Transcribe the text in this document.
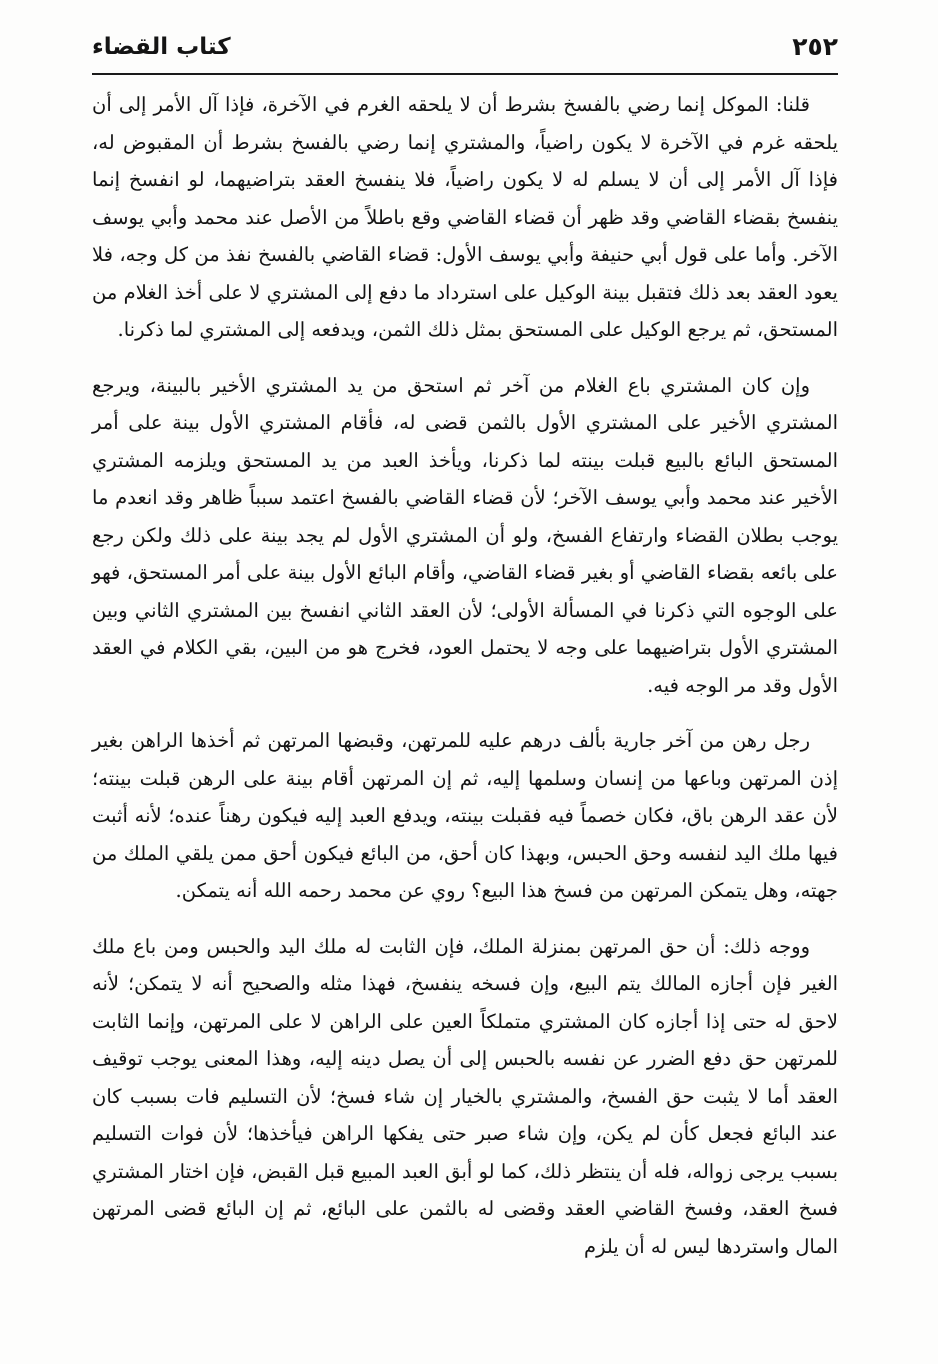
٢٥٢
كتاب القضاء

قلنا: الموكل إنما رضي بالفسخ بشرط أن لا يلحقه الغرم في الآخرة، فإذا آل الأمر إلى أن يلحقه غرم في الآخرة لا يكون راضياً، والمشتري إنما رضي بالفسخ بشرط أن المقبوض له، فإذا آل الأمر إلى أن لا يسلم له لا يكون راضياً، فلا ينفسخ العقد بتراضيهما، لو انفسخ إنما ينفسخ بقضاء القاضي وقد ظهر أن قضاء القاضي وقع باطلاً من الأصل عند محمد وأبي يوسف الآخر. وأما على قول أبي حنيفة وأبي يوسف الأول: قضاء القاضي بالفسخ نفذ من كل وجه، فلا يعود العقد بعد ذلك فتقبل بينة الوكيل على استرداد ما دفع إلى المشتري لا على أخذ الغلام من المستحق، ثم يرجع الوكيل على المستحق بمثل ذلك الثمن، ويدفعه إلى المشتري لما ذكرنا.

وإن كان المشتري باع الغلام من آخر ثم استحق من يد المشتري الأخير بالبينة، ويرجع المشتري الأخير على المشتري الأول بالثمن قضى له، فأقام المشتري الأول بينة على أمر المستحق البائع بالبيع قبلت بينته لما ذكرنا، ويأخذ العبد من يد المستحق ويلزمه المشتري الأخير عند محمد وأبي يوسف الآخر؛ لأن قضاء القاضي بالفسخ اعتمد سبباً ظاهر وقد انعدم ما يوجب بطلان القضاء وارتفاع الفسخ، ولو أن المشتري الأول لم يجد بينة على ذلك ولكن رجع على بائعه بقضاء القاضي أو بغير قضاء القاضي، وأقام البائع الأول بينة على أمر المستحق، فهو على الوجوه التي ذكرنا في المسألة الأولى؛ لأن العقد الثاني انفسخ بين المشتري الثاني وبين المشتري الأول بتراضيهما على وجه لا يحتمل العود، فخرج هو من البين، بقي الكلام في العقد الأول وقد مر الوجه فيه.

رجل رهن من آخر جارية بألف درهم عليه للمرتهن، وقبضها المرتهن ثم أخذها الراهن بغير إذن المرتهن وباعها من إنسان وسلمها إليه، ثم إن المرتهن أقام بينة على الرهن قبلت بينته؛ لأن عقد الرهن باق، فكان خصماً فيه فقبلت بينته، ويدفع العبد إليه فيكون رهناً عنده؛ لأنه أثبت فيها ملك اليد لنفسه وحق الحبس، وبهذا كان أحق، من البائع فيكون أحق ممن يلقي الملك من جهته، وهل يتمكن المرتهن من فسخ هذا البيع؟ روي عن محمد رحمه الله أنه يتمكن.

ووجه ذلك: أن حق المرتهن بمنزلة الملك، فإن الثابت له ملك اليد والحبس ومن باع ملك الغير فإن أجازه المالك يتم البيع، وإن فسخه ينفسخ، فهذا مثله والصحيح أنه لا يتمكن؛ لأنه لاحق له حتى إذا أجازه كان المشتري متملكاً العين على الراهن لا على المرتهن، وإنما الثابت للمرتهن حق دفع الضرر عن نفسه بالحبس إلى أن يصل دينه إليه، وهذا المعنى يوجب توقيف العقد أما لا يثبت حق الفسخ، والمشتري بالخيار إن شاء فسخ؛ لأن التسليم فات بسبب كان عند البائع فجعل كأن لم يكن، وإن شاء صبر حتى يفكها الراهن فيأخذها؛ لأن فوات التسليم بسبب يرجى زواله، فله أن ينتظر ذلك، كما لو أبق العبد المبيع قبل القبض، فإن اختار المشتري فسخ العقد، وفسخ القاضي العقد وقضى له بالثمن على البائع، ثم إن البائع قضى المرتهن المال واستردها ليس له أن يلزم
